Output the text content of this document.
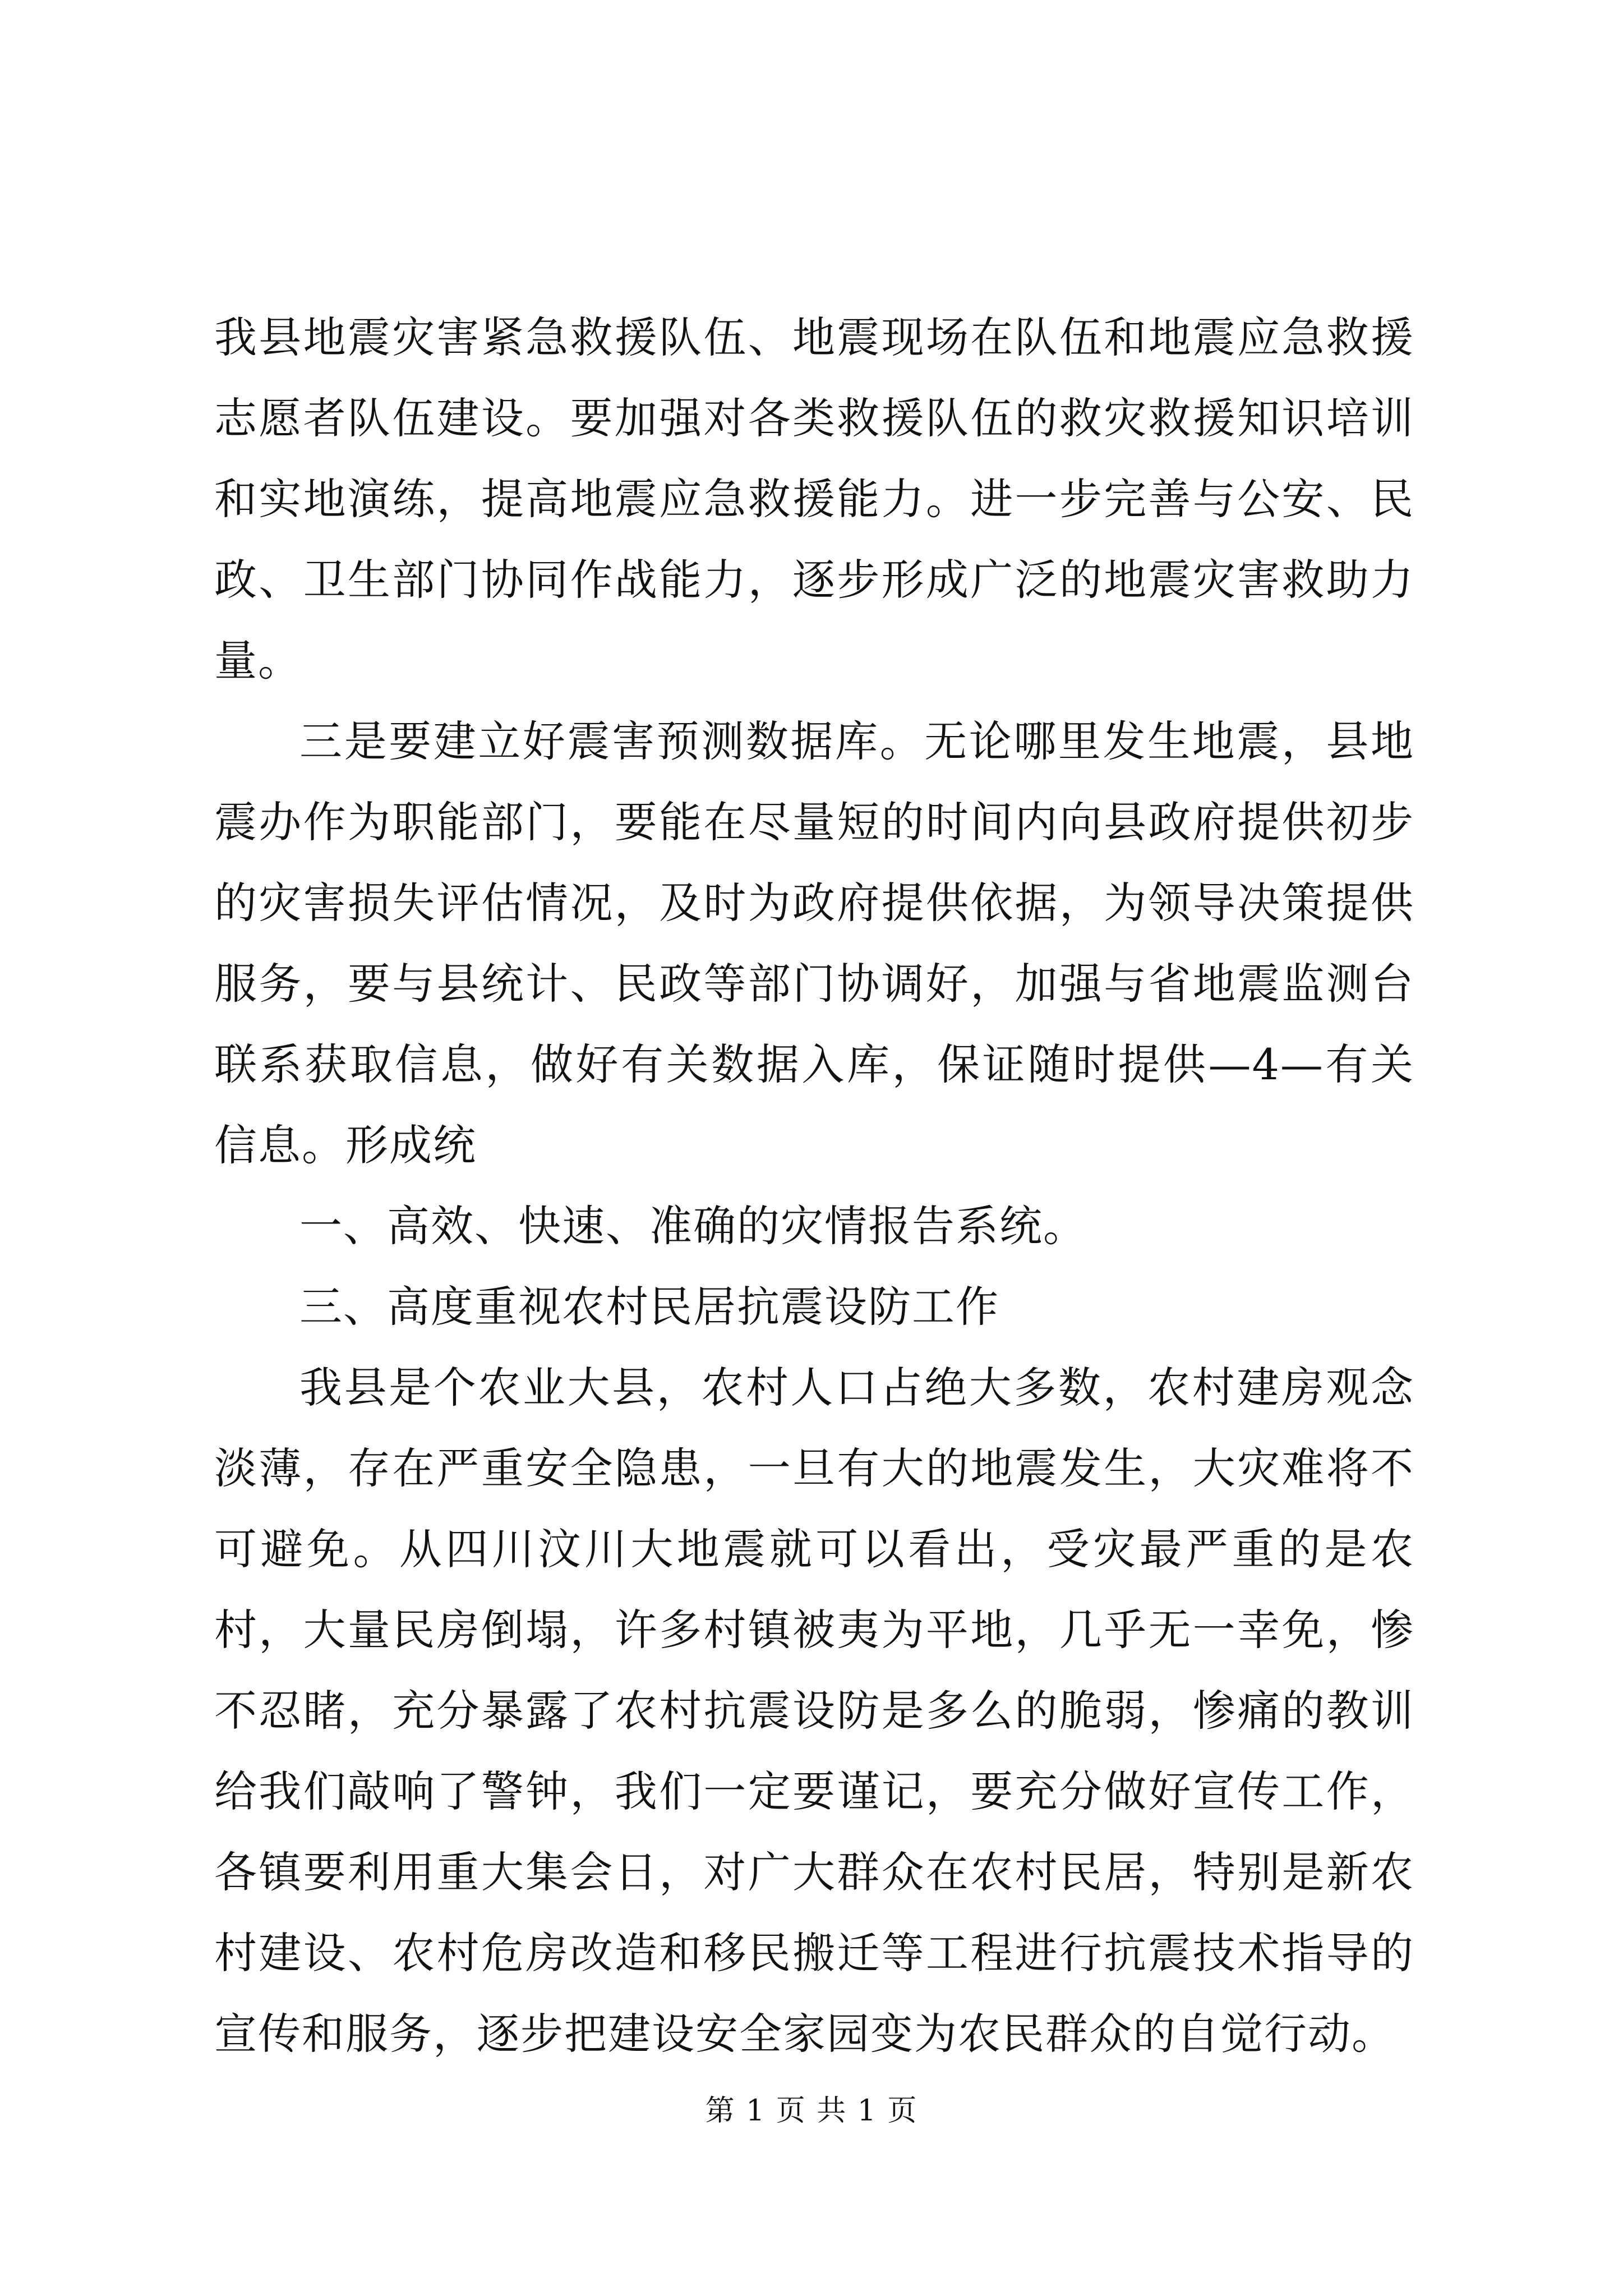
我县地震灾害紧急救援队伍、地震现场在队伍和地震应急救援志愿者队伍建设。要加强对各类救援队伍的救灾救援知识培训和实地演练，提高地震应急救援能力。进一步完善与公安、民政、卫生部门协同作战能力，逐步形成广泛的地震灾害救助力量。

三是要建立好震害预测数据库。无论哪里发生地震，县地震办作为职能部门，要能在尽量短的时间内向县政府提供初步的灾害损失评估情况，及时为政府提供依据，为领导决策提供服务，要与县统计、民政等部门协调好，加强与省地震监测台联系获取信息，做好有关数据入库，保证随时提供—4—有关信息。形成统

一、高效、快速、准确的灾情报告系统。

三、高度重视农村民居抗震设防工作

我县是个农业大县，农村人口占绝大多数，农村建房观念淡薄，存在严重安全隐患，一旦有大的地震发生，大灾难将不可避免。从四川汶川大地震就可以看出，受灾最严重的是农村，大量民房倒塌，许多村镇被夷为平地，几乎无一幸免，惨不忍睹，充分暴露了农村抗震设防是多么的脆弱，惨痛的教训给我们敲响了警钟，我们一定要谨记，要充分做好宣传工作，各镇要利用重大集会日，对广大群众在农村民居，特别是新农村建设、农村危房改造和移民搬迁等工程进行抗震技术指导的宣传和服务，逐步把建设安全家园变为农民群众的自觉行动。

第 1 页 共 1 页
